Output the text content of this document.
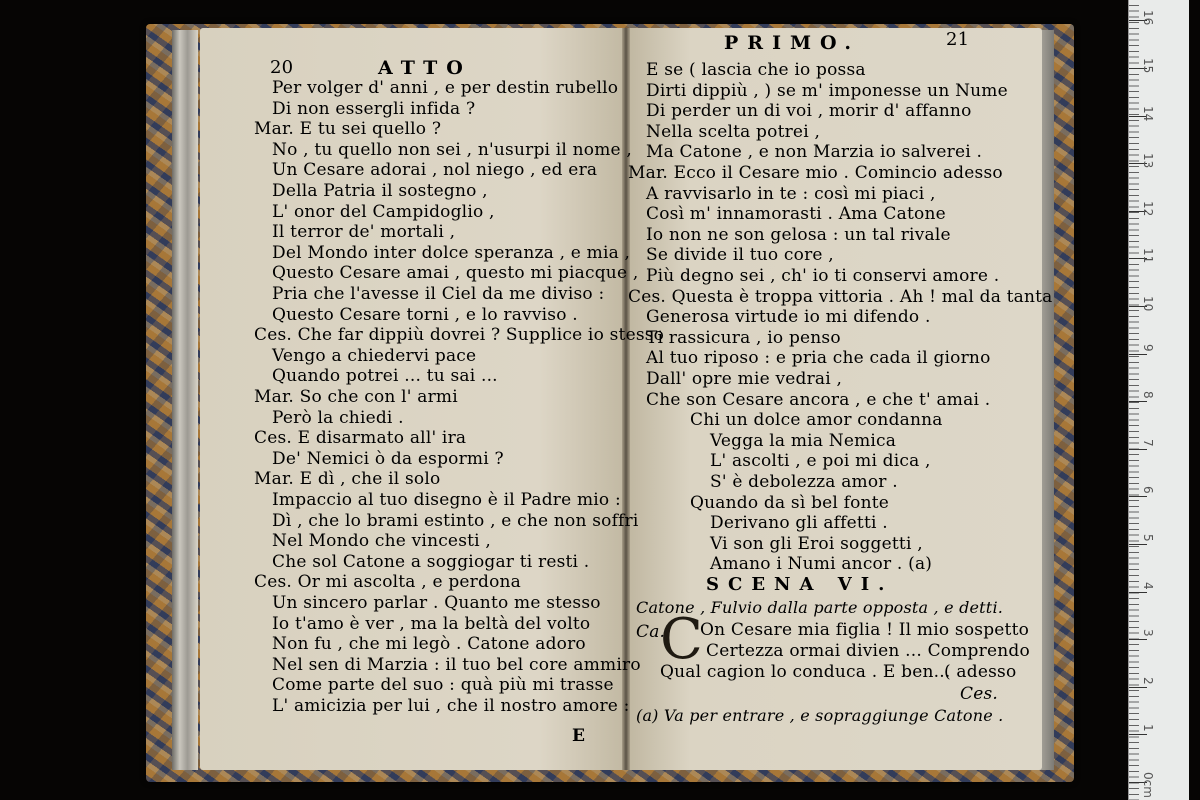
20	ATTO
Per volger d' anni , e per destin rubello
Di non essergli infida ?
Mar. E tu sei quello ?
No , tu quello non sei , n'usurpi il nome ,
Un Cesare adorai , nol niego , ed era
Della Patria il sostegno ,
L' onor del Campidoglio ,
Il terror de' mortali ,
Del Mondo inter dolce speranza , e mia ,
Questo Cesare amai , questo mi piacque ,
Pria che l'avesse il Ciel da me diviso :
Questo Cesare torni , e lo ravviso .
Ces. Che far dippiù dovrei ? Supplice io stesso
Vengo a chiedervi pace
Quando potrei ... tu sai ...
Mar. So che con l' armi
Però la chiedi .
Ces. E disarmato all' ira
De' Nemici ò da espormi ?
Mar. E dì , che il solo
Impaccio al tuo disegno è il Padre mio :
Dì , che lo brami estinto , e che non soffri
Nel Mondo che vincesti ,
Che sol Catone a soggiogar ti resti .
Ces. Or mi ascolta , e perdona
Un sincero parlar . Quanto me stesso
Io t'amo è ver , ma la beltà del volto
Non fu , che mi legò . Catone adoro
Nel sen di Marzia : il tuo bel core ammiro
Come parte del suo : quà più mi trasse
L' amicizia per lui , che il nostro amore :
E
PRIMO.	21
E se ( lascia che io possa
Dirti dippiù , ) se m' imponesse un Nume
Di perder un di voi , morir d' affanno
Nella scelta potrei ,
Ma Catone , e non Marzia io salverei .
Mar. Ecco il Cesare mio . Comincio adesso
A ravvisarlo in te : così mi piaci ,
Così m' innamorasti . Ama Catone
Io non ne son gelosa : un tal rivale
Se divide il tuo core ,
Più degno sei , ch' io ti conservi amore .
Ces. Questa è troppa vittoria . Ah ! mal da tanta
Generosa virtude io mi difendo .
Ti rassicura , io penso
Al tuo riposo : e pria che cada il giorno
Dall' opre mie vedrai ,
Che son Cesare ancora , e che t' amai .
Chi un dolce amor condanna
Vegga la mia Nemica
L' ascolti , e poi mi dica ,
S' è debolezza amor .
Quando da sì bel fonte
Derivano gli affetti .
Vi son gli Eroi soggetti ,
Amano i Numi ancor . (a)
SCENA VI.
Catone , Fulvio dalla parte opposta , e detti.
Ca.
C
On Cesare mia figlia ! Il mio sospetto
Certezza ormai divien ... Comprendo
Qual cagion lo conduca . E ben...
( adesso
Ces.
(a) Va per entrare , e sopraggiunge Catone .
0cm
1
2
3
4
5
6
7
8
9
10
11
12
13
14
15
16
